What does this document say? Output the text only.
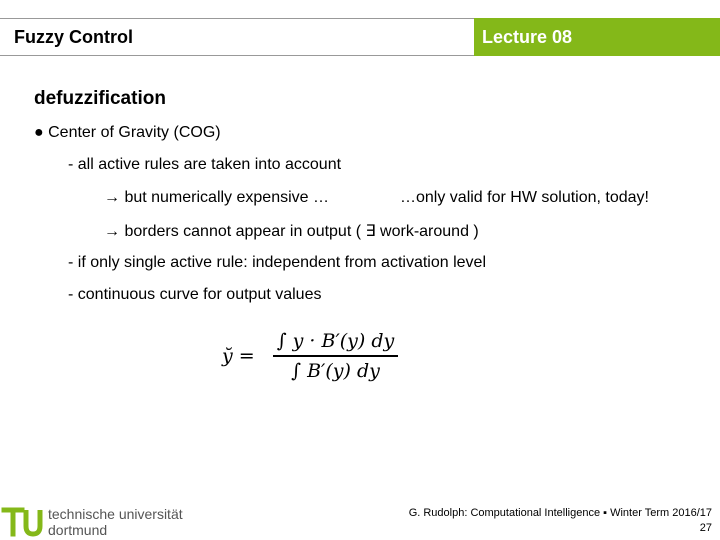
Fuzzy Control	Lecture 08
defuzzification
● Center of Gravity (COG)
- all active rules are taken into account
→ but numerically expensive …	…only valid for HW solution, today!
→ borders cannot appear in output ( ∃ work-around )
- if only single active rule: independent from activation level
- continuous curve for output values
y̆ = $\frac{\int y \cdot B'(y) dy}{\int B'(y) dy}$
technische universität
dortmund
G. Rudolph: Computational Intelligence ▪ Winter Term 2016/17
27
